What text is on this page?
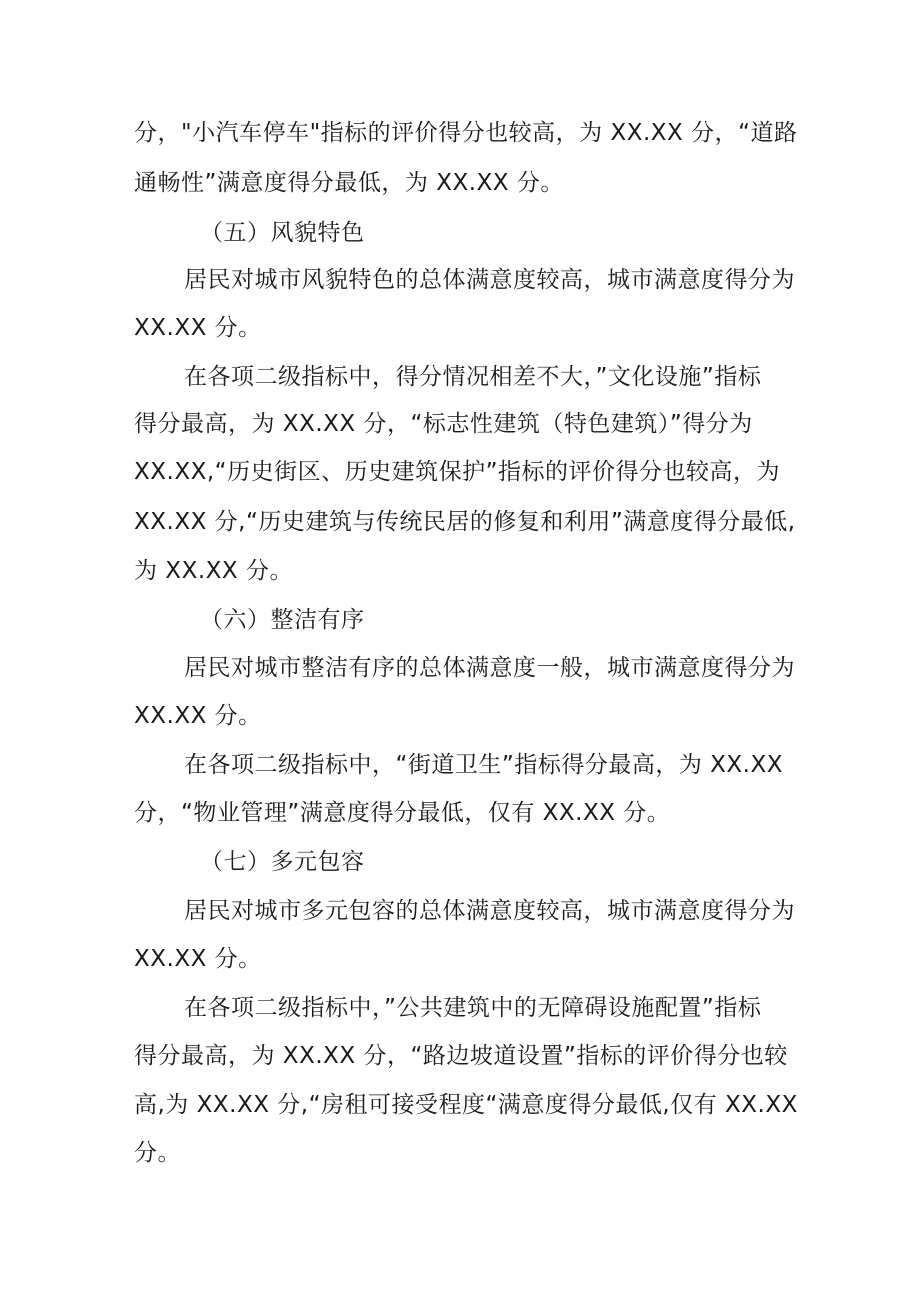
分，"小汽车停车"指标的评价得分也较高，为 XX.XX 分，“道路

通畅性”满意度得分最低，为 XX.XX 分。

（五）风貌特色

居民对城市风貌特色的总体满意度较高，城市满意度得分为

XX.XX 分。

在各项二级指标中，得分情况相差不大，”文化设施”指标

得分最高，为 XX.XX 分，“标志性建筑（特色建筑）”得分为

XX.XX,“历史街区、历史建筑保护”指标的评价得分也较高，为

XX.XX 分,“历史建筑与传统民居的修复和利用”满意度得分最低,

为 XX.XX 分。

（六）整洁有序

居民对城市整洁有序的总体满意度一般，城市满意度得分为

XX.XX 分。

在各项二级指标中，“街道卫生”指标得分最高，为 XX.XX

分，“物业管理”满意度得分最低，仅有 XX.XX 分。

（七）多元包容

居民对城市多元包容的总体满意度较高，城市满意度得分为

XX.XX 分。

在各项二级指标中，”公共建筑中的无障碍设施配置”指标

得分最高，为 XX.XX 分，“路边坡道设置”指标的评价得分也较

高,为 XX.XX 分,“房租可接受程度“满意度得分最低,仅有 XX.XX

分。
